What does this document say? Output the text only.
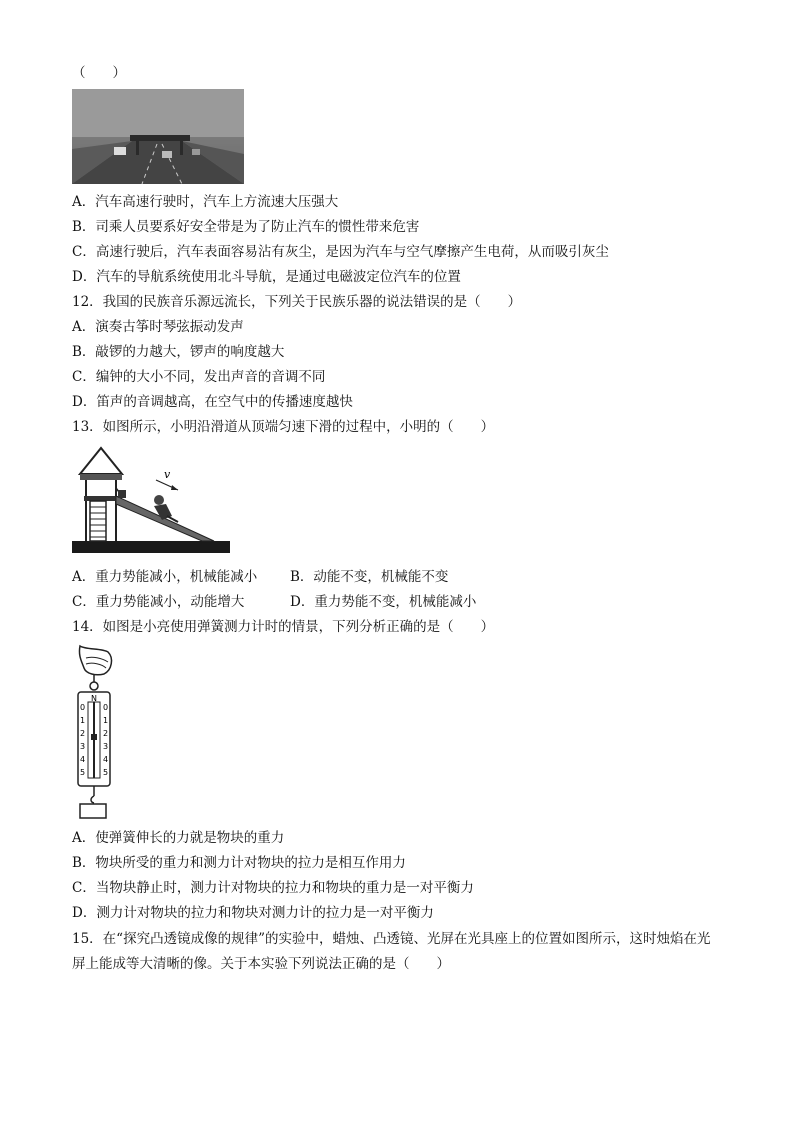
（　　）
A．汽车高速行驶时，汽车上方流速大压强大
B．司乘人员要系好安全带是为了防止汽车的惯性带来危害
C．高速行驶后，汽车表面容易沾有灰尘，是因为汽车与空气摩擦产生电荷，从而吸引灰尘
D．汽车的导航系统使用北斗导航，是通过电磁波定位汽车的位置
12．我国的民族音乐源远流长，下列关于民族乐器的说法错误的是（　　）
A．演奏古筝时琴弦振动发声
B．敲锣的力越大，锣声的响度越大
C．编钟的大小不同，发出声音的音调不同
D．笛声的音调越高，在空气中的传播速度越快
13．如图所示，小明沿滑道从顶端匀速下滑的过程中，小明的（　　）
v
A．重力势能减小，机械能减小 B．动能不变，机械能不变
C．重力势能减小，动能增大	D．重力势能不变，机械能减小
14．如图是小亮使用弹簧测力计时的情景，下列分析正确的是（　　）
N
0
1
2
3
4
5
0
1
2
3
4
5
A．使弹簧伸长的力就是物块的重力
B．物块所受的重力和测力计对物块的拉力是相互作用力
C．当物块静止时，测力计对物块的拉力和物块的重力是一对平衡力
D．测力计对物块的拉力和物块对测力计的拉力是一对平衡力
15．在“探究凸透镜成像的规律”的实验中，蜡烛、凸透镜、光屏在光具座上的位置如图所示，这时烛焰在光
屏上能成等大清晰的像。关于本实验下列说法正确的是（　　）
